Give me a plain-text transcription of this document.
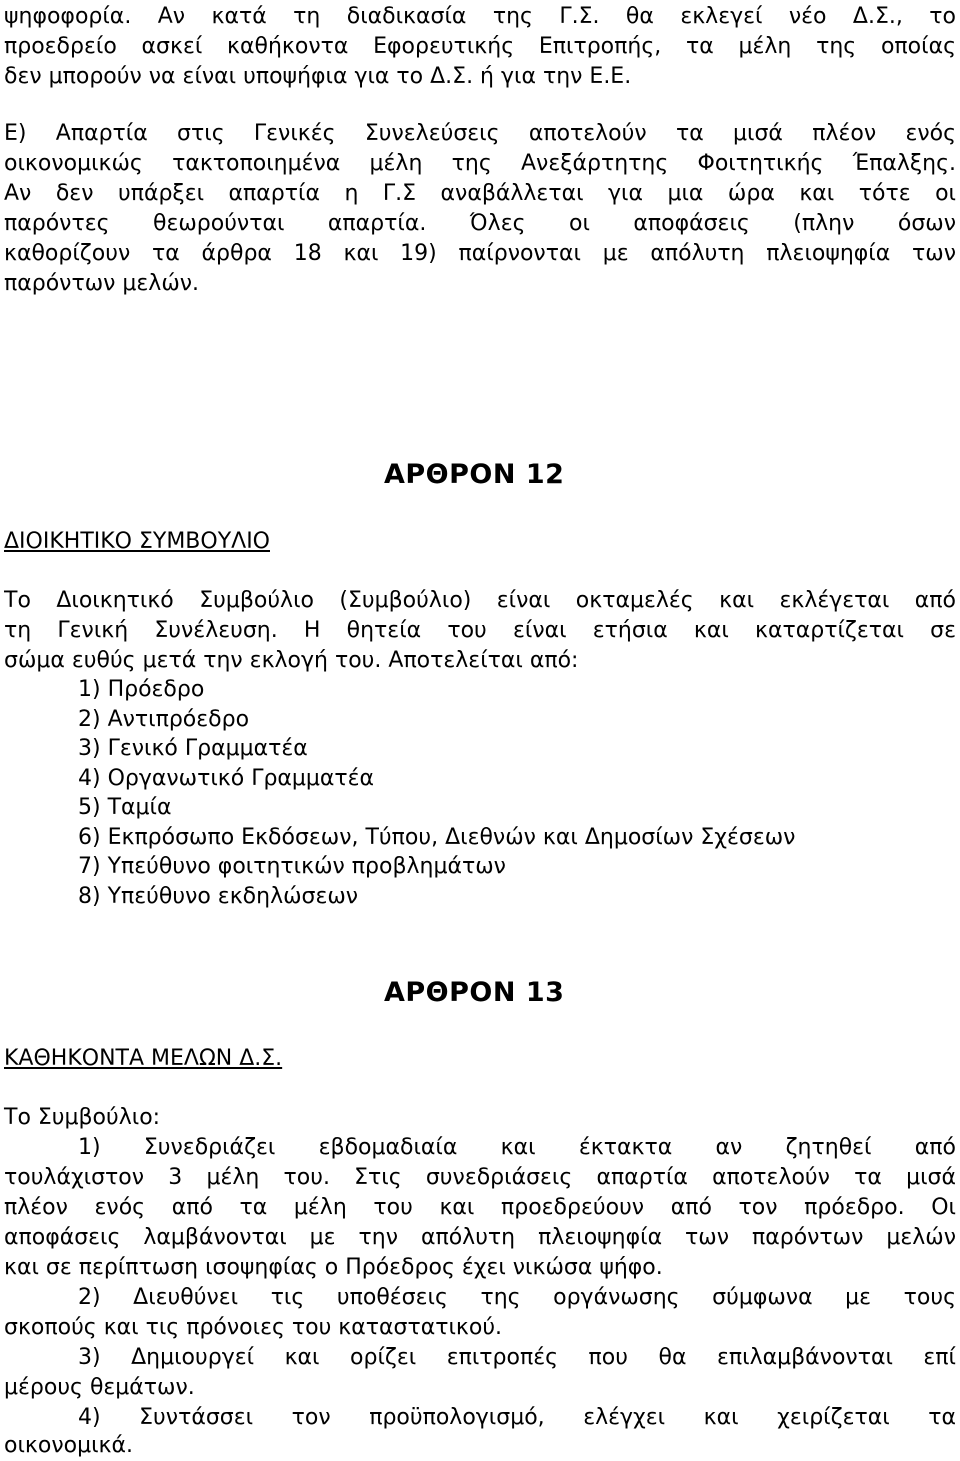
ψηφοφορία. Αν κατά τη διαδικασία της Γ.Σ. θα εκλεγεί νέο Δ.Σ., το
προεδρείο ασκεί καθήκοντα Εφορευτικής Επιτροπής, τα μέλη της οποίας
δεν μπορούν να είναι υποψήφια για το Δ.Σ. ή για την Ε.Ε.
Ε) Απαρτία στις Γενικές Συνελεύσεις αποτελούν τα μισά πλέον ενός
οικονομικώς τακτοποιημένα μέλη της Ανεξάρτητης Φοιτητικής Έπαλξης.
Αν δεν υπάρξει απαρτία η Γ.Σ αναβάλλεται για μια ώρα και τότε οι
παρόντες θεωρούνται απαρτία. Όλες οι αποφάσεις (πλην όσων
καθορίζουν τα άρθρα 18 και 19) παίρνονται με απόλυτη πλειοψηφία των
παρόντων μελών.
ΑΡΘΡΟΝ 12
ΔΙΟΙΚΗΤΙΚΟ ΣΥΜΒΟΥΛΙΟ
Το Διοικητικό Συμβούλιο (Συμβούλιο) είναι οκταμελές και εκλέγεται από
τη Γενική Συνέλευση. Η θητεία του είναι ετήσια και καταρτίζεται σε
σώμα ευθύς μετά την εκλογή του. Αποτελείται από:
1) Πρόεδρο
2) Αντιπρόεδρο
3) Γενικό Γραμματέα
4) Οργανωτικό Γραμματέα
5) Ταμία
6) Εκπρόσωπο Εκδόσεων, Τύπου, Διεθνών και Δημοσίων Σχέσεων
7) Υπεύθυνο φοιτητικών προβλημάτων
8) Υπεύθυνο εκδηλώσεων
ΑΡΘΡΟΝ 13
ΚΑΘΗΚΟΝΤΑ ΜΕΛΩΝ Δ.Σ.
Το Συμβούλιο:
1) Συνεδριάζει εβδομαδιαία και έκτακτα αν ζητηθεί από
τουλάχιστον 3 μέλη του. Στις συνεδριάσεις απαρτία αποτελούν τα μισά
πλέον ενός από τα μέλη του και προεδρεύουν από τον πρόεδρο. Οι
αποφάσεις λαμβάνονται με την απόλυτη πλειοψηφία των παρόντων μελών
και σε περίπτωση ισοψηφίας ο Πρόεδρος έχει νικώσα ψήφο.
2) Διευθύνει τις υποθέσεις της οργάνωσης σύμφωνα με τους
σκοπούς και τις πρόνοιες του καταστατικού.
3) Δημιουργεί και ορίζει επιτροπές που θα επιλαμβάνονται επί
μέρους θεμάτων.
4) Συντάσσει τον προϋπολογισμό, ελέγχει και χειρίζεται τα
οικονομικά.
